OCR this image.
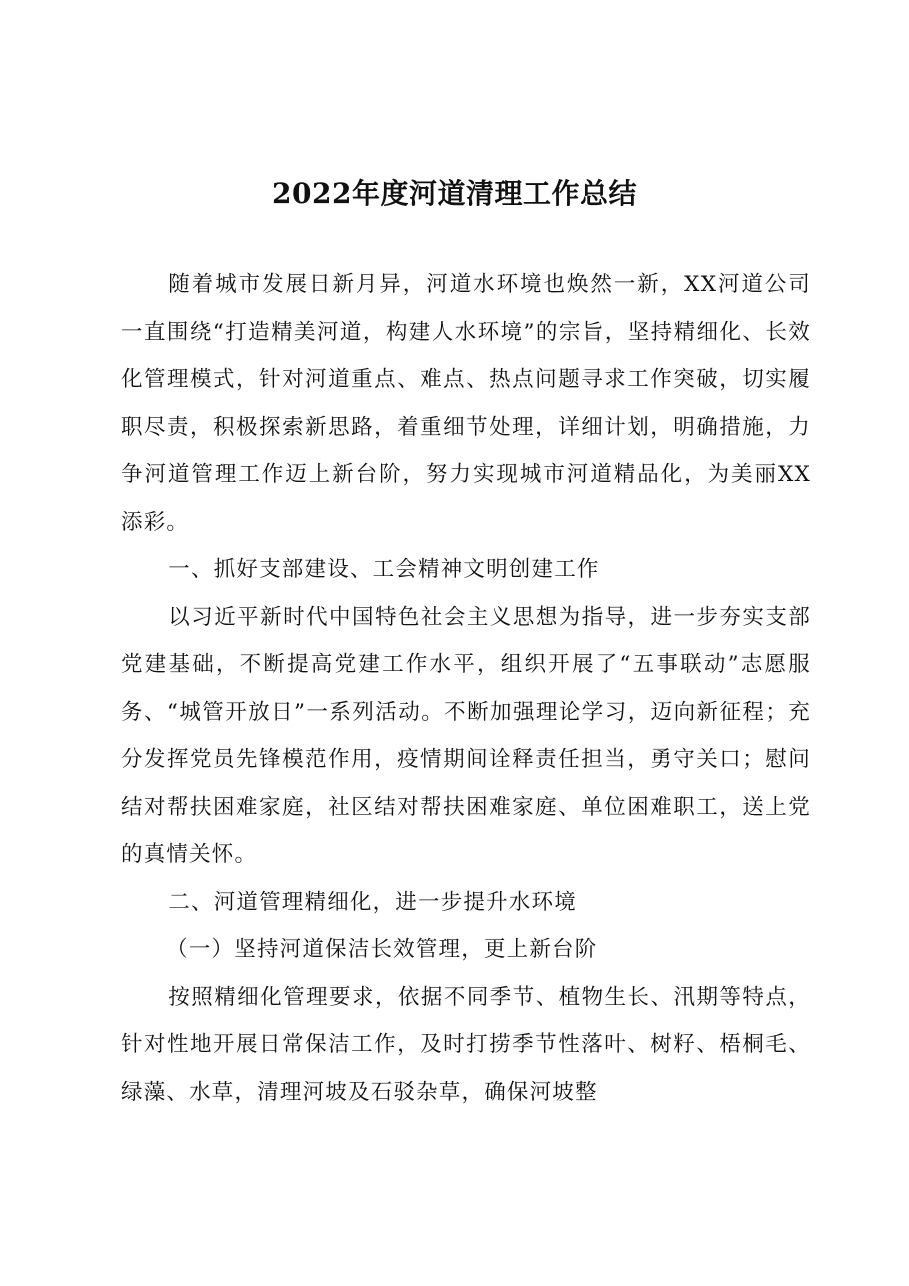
2022年度河道清理工作总结

随着城市发展日新月异，河道水环境也焕然一新，XX河道公司一直围绕“打造精美河道，构建人水环境”的宗旨，坚持精细化、长效化管理模式，针对河道重点、难点、热点问题寻求工作突破，切实履职尽责，积极探索新思路，着重细节处理，详细计划，明确措施，力争河道管理工作迈上新台阶，努力实现城市河道精品化，为美丽XX添彩。

一、抓好支部建设、工会精神文明创建工作

以习近平新时代中国特色社会主义思想为指导，进一步夯实支部党建基础，不断提高党建工作水平，组织开展了“五事联动”志愿服务、“城管开放日”一系列活动。不断加强理论学习，迈向新征程；充分发挥党员先锋模范作用，疫情期间诠释责任担当，勇守关口；慰问结对帮扶困难家庭，社区结对帮扶困难家庭、单位困难职工，送上党的真情关怀。

二、河道管理精细化，进一步提升水环境

（一）坚持河道保洁长效管理，更上新台阶

按照精细化管理要求，依据不同季节、植物生长、汛期等特点，针对性地开展日常保洁工作，及时打捞季节性落叶、树籽、梧桐毛、绿藻、水草，清理河坡及石驳杂草，确保河坡整
